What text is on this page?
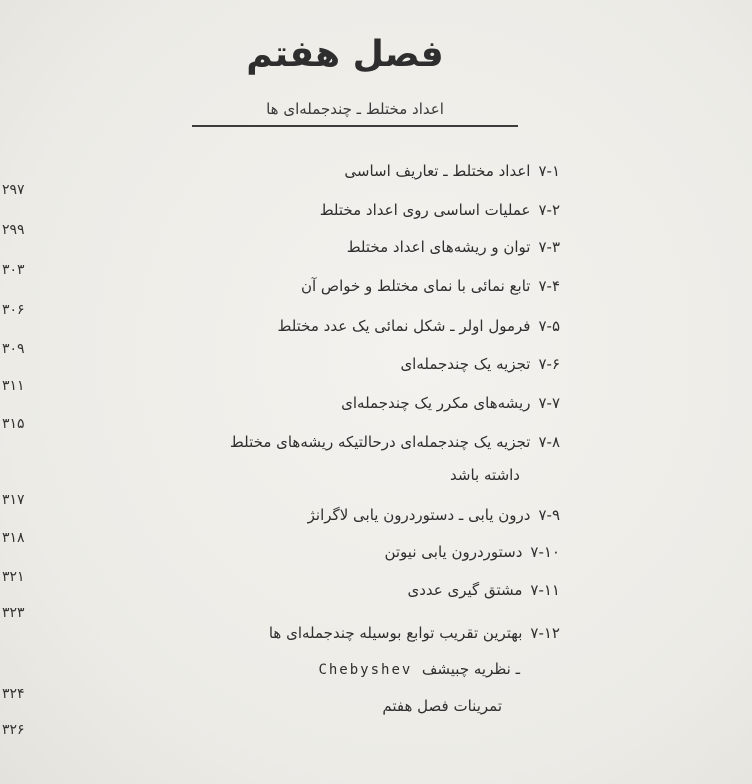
فصل هفتم
اعداد مختلط ـ چندجمله‌ای ها
۷-۱اعداد مختلط ـ تعاریف اساسی
۲۹۷
۷-۲عملیات اساسی روی اعداد مختلط
۲۹۹
۷-۳توان و ریشه‌های اعداد مختلط
۳۰۳
۷-۴تابع نمائی با نمای مختلط و خواص آن
۳۰۶
۷-۵فرمول اولر ـ شکل نمائی یک عدد مختلط
۳۰۹
۷-۶تجزیه یک چندجمله‌ای
۳۱۱
۷-۷ریشه‌های مکرر یک چندجمله‌ای
۳۱۵
۷-۸تجزیه یک چندجمله‌ای درحالتیکه ریشه‌های مختلط
داشته باشد
۳۱۷
۷-۹درون یابی ـ دستوردرون یابی لاگرانژ
۳۱۸
۷-۱۰دستوردرون یابی نیوتن
۳۲۱
۷-۱۱مشتق گیری عددی
۳۲۳
۷-۱۲بهترین تقریب توابع بوسیله چندجمله‌ای ها
ـ نظریه چبیشف  Chebyshev
۳۲۴
تمرینات فصل هفتم
۳۲۶
